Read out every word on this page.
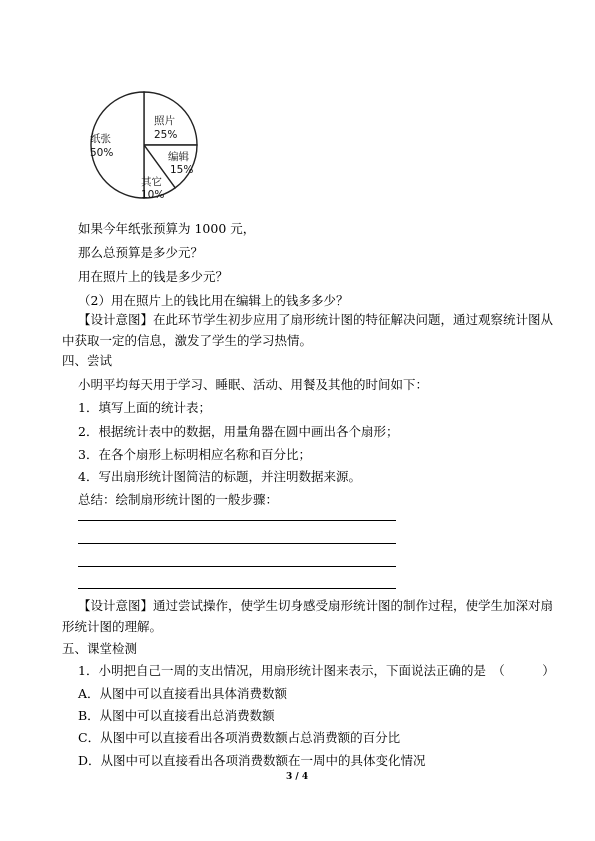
纸张
50%
照片
25%
编辑
15%
其它
10%
如果今年纸张预算为 1000 元，
那么总预算是多少元？
用在照片上的钱是多少元？
（2）用在照片上的钱比用在编辑上的钱多多少？
【设计意图】在此环节学生初步应用了扇形统计图的特征解决问题，通过观察统计图从
中获取一定的信息，激发了学生的学习热情。
四、尝试
小明平均每天用于学习、睡眠、活动、用餐及其他的时间如下：
1．填写上面的统计表；
2．根据统计表中的数据，用量角器在圆中画出各个扇形；
3．在各个扇形上标明相应名称和百分比；
4．写出扇形统计图简洁的标题，并注明数据来源。
总结：绘制扇形统计图的一般步骤：
【设计意图】通过尝试操作，使学生切身感受扇形统计图的制作过程，使学生加深对扇
形统计图的理解。
五、课堂检测
1．小明把自己一周的支出情况，用扇形统计图来表示，下面说法正确的是　（　　　）
A．从图中可以直接看出具体消费数额
B．从图中可以直接看出总消费数额
C．从图中可以直接看出各项消费数额占总消费额的百分比
D．从图中可以直接看出各项消费数额在一周中的具体变化情况
3 / 4
